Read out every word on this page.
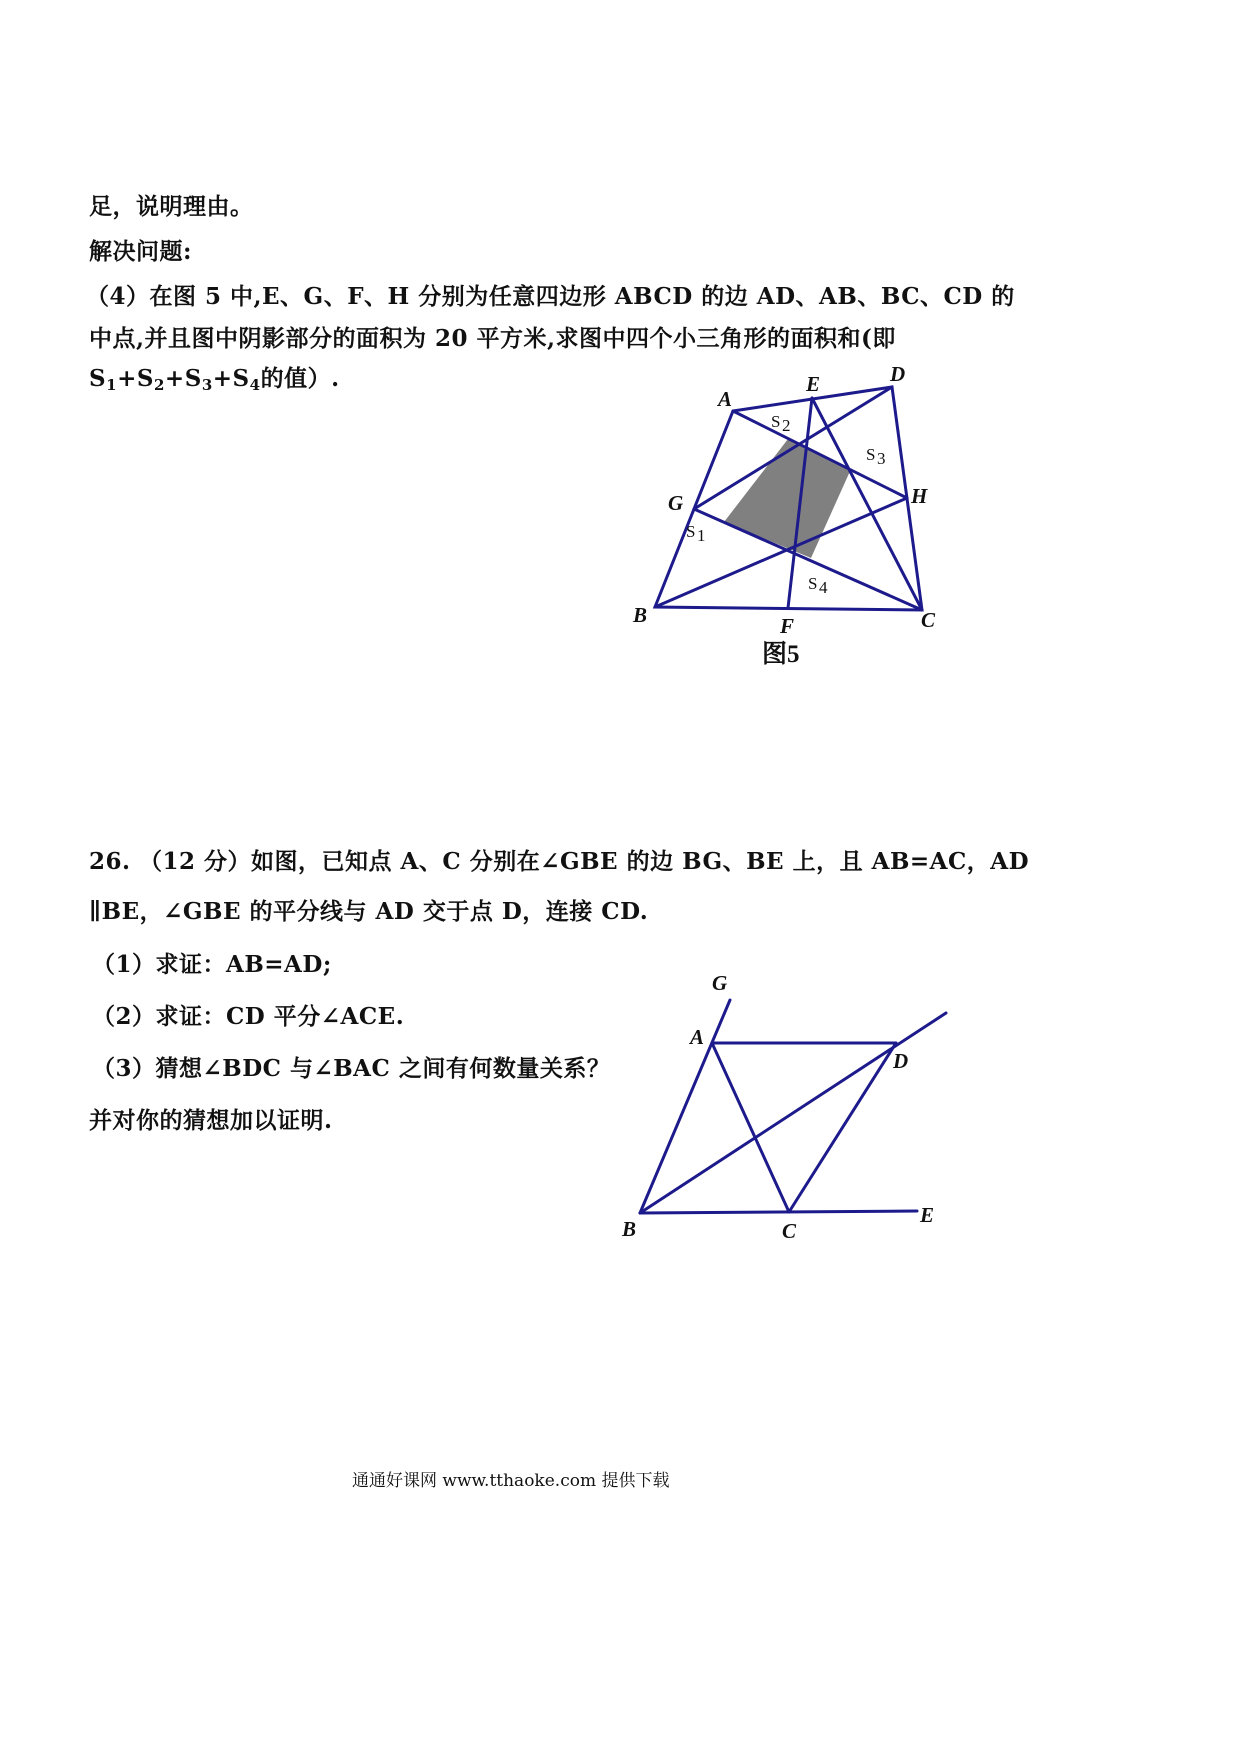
足，说明理由。
解决问题:
（4）在图 5 中,E、G、F、H 分别为任意四边形 ABCD 的边 AD、AB、BC、CD 的
中点,并且图中阴影部分的面积为 20 平方米,求图中四个小三角形的面积和(即
$S_1+S_2+S_3+S_4$的值）.
A
E	D
G	H
B	F	C
S 2
S 3
S 1
S 4
图5
26. （12 分）如图，已知点 A、C 分别在∠GBE 的边 BG、BE 上，且 AB=AC，AD
∥BE，∠GBE 的平分线与 AD 交于点 D，连接 CD.
（1）求证：AB=AD;
（2）求证：CD 平分∠ACE.
（3）猜想∠BDC 与∠BAC 之间有何数量关系？
并对你的猜想加以证明.
G
A
D
B	C
E
通通好课网 www.tthaoke.com 提供下载
